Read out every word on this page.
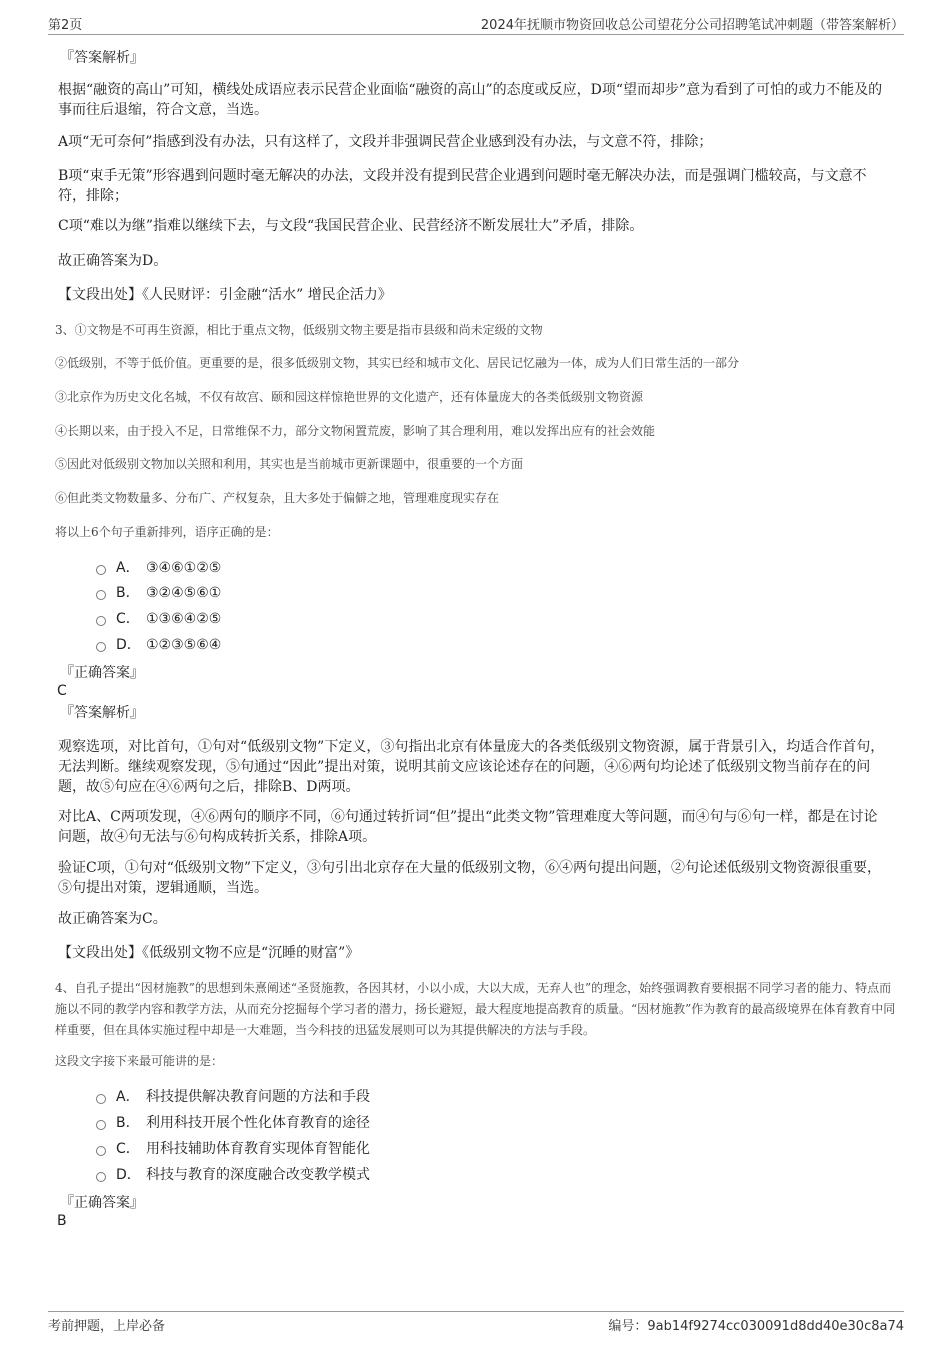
第2页	2024年抚顺市物资回收总公司望花分公司招聘笔试冲刺题（带答案解析）
『答案解析』

根据“融资的高山”可知，横线处成语应表示民营企业面临“融资的高山”的态度或反应，D项“望而却步”意为看到了可怕的或力不能及的事而往后退缩，符合文意，当选。

A项“无可奈何”指感到没有办法，只有这样了，文段并非强调民营企业感到没有办法，与文意不符，排除；

B项“束手无策”形容遇到问题时毫无解决的办法，文段并没有提到民营企业遇到问题时毫无解决办法，而是强调门槛较高，与文意不符，排除；

C项“难以为继”指难以继续下去，与文段“我国民营企业、民营经济不断发展壮大”矛盾，排除。

故正确答案为D。

【文段出处】《人民财评：引金融“活水” 增民企活力》

3、①文物是不可再生资源，相比于重点文物，低级别文物主要是指市县级和尚未定级的文物

②低级别，不等于低价值。更重要的是，很多低级别文物，其实已经和城市文化、居民记忆融为一体，成为人们日常生活的一部分

③北京作为历史文化名城，不仅有故宫、颐和园这样惊艳世界的文化遗产，还有体量庞大的各类低级别文物资源

④长期以来，由于投入不足，日常维保不力，部分文物闲置荒废，影响了其合理利用，难以发挥出应有的社会效能

⑤因此对低级别文物加以关照和利用，其实也是当前城市更新课题中，很重要的一个方面

⑥但此类文物数量多、分布广、产权复杂，且大多处于偏僻之地，管理难度现实存在

将以上6个句子重新排列，语序正确的是：

A． ③④⑥①②⑤
B． ③②④⑤⑥①
C． ①③⑥④②⑤
D． ①②③⑤⑥④
『正确答案』
C
『答案解析』

观察选项，对比首句，①句对“低级别文物”下定义，③句指出北京有体量庞大的各类低级别文物资源，属于背景引入，均适合作首句，无法判断。继续观察发现，⑤句通过“因此”提出对策，说明其前文应该论述存在的问题，④⑥两句均论述了低级别文物当前存在的问题，故⑤句应在④⑥两句之后，排除B、D两项。

对比A、C两项发现，④⑥两句的顺序不同，⑥句通过转折词“但”提出“此类文物”管理难度大等问题，而④句与⑥句一样，都是在讨论问题，故④句无法与⑥句构成转折关系，排除A项。

验证C项，①句对“低级别文物”下定义，③句引出北京存在大量的低级别文物，⑥④两句提出问题，②句论述低级别文物资源很重要，⑤句提出对策，逻辑通顺，当选。

故正确答案为C。

【文段出处】《低级别文物不应是“沉睡的财富”》

4、自孔子提出“因材施教”的思想到朱熹阐述“圣贤施教，各因其材，小以小成，大以大成，无弃人也”的理念，始终强调教育要根据不同学习者的能力、特点而施以不同的教学内容和教学方法，从而充分挖掘每个学习者的潜力，扬长避短，最大程度地提高教育的质量。“因材施教”作为教育的最高级境界在体育教育中同样重要，但在具体实施过程中却是一大难题，当今科技的迅猛发展则可以为其提供解决的方法与手段。

这段文字接下来最可能讲的是：

A． 科技提供解决教育问题的方法和手段
B． 利用科技开展个性化体育教育的途径
C． 用科技辅助体育教育实现体育智能化
D． 科技与教育的深度融合改变教学模式
『正确答案』
B
考前押题，上岸必备	编号：9ab14f9274cc030091d8dd40e30c8a74
